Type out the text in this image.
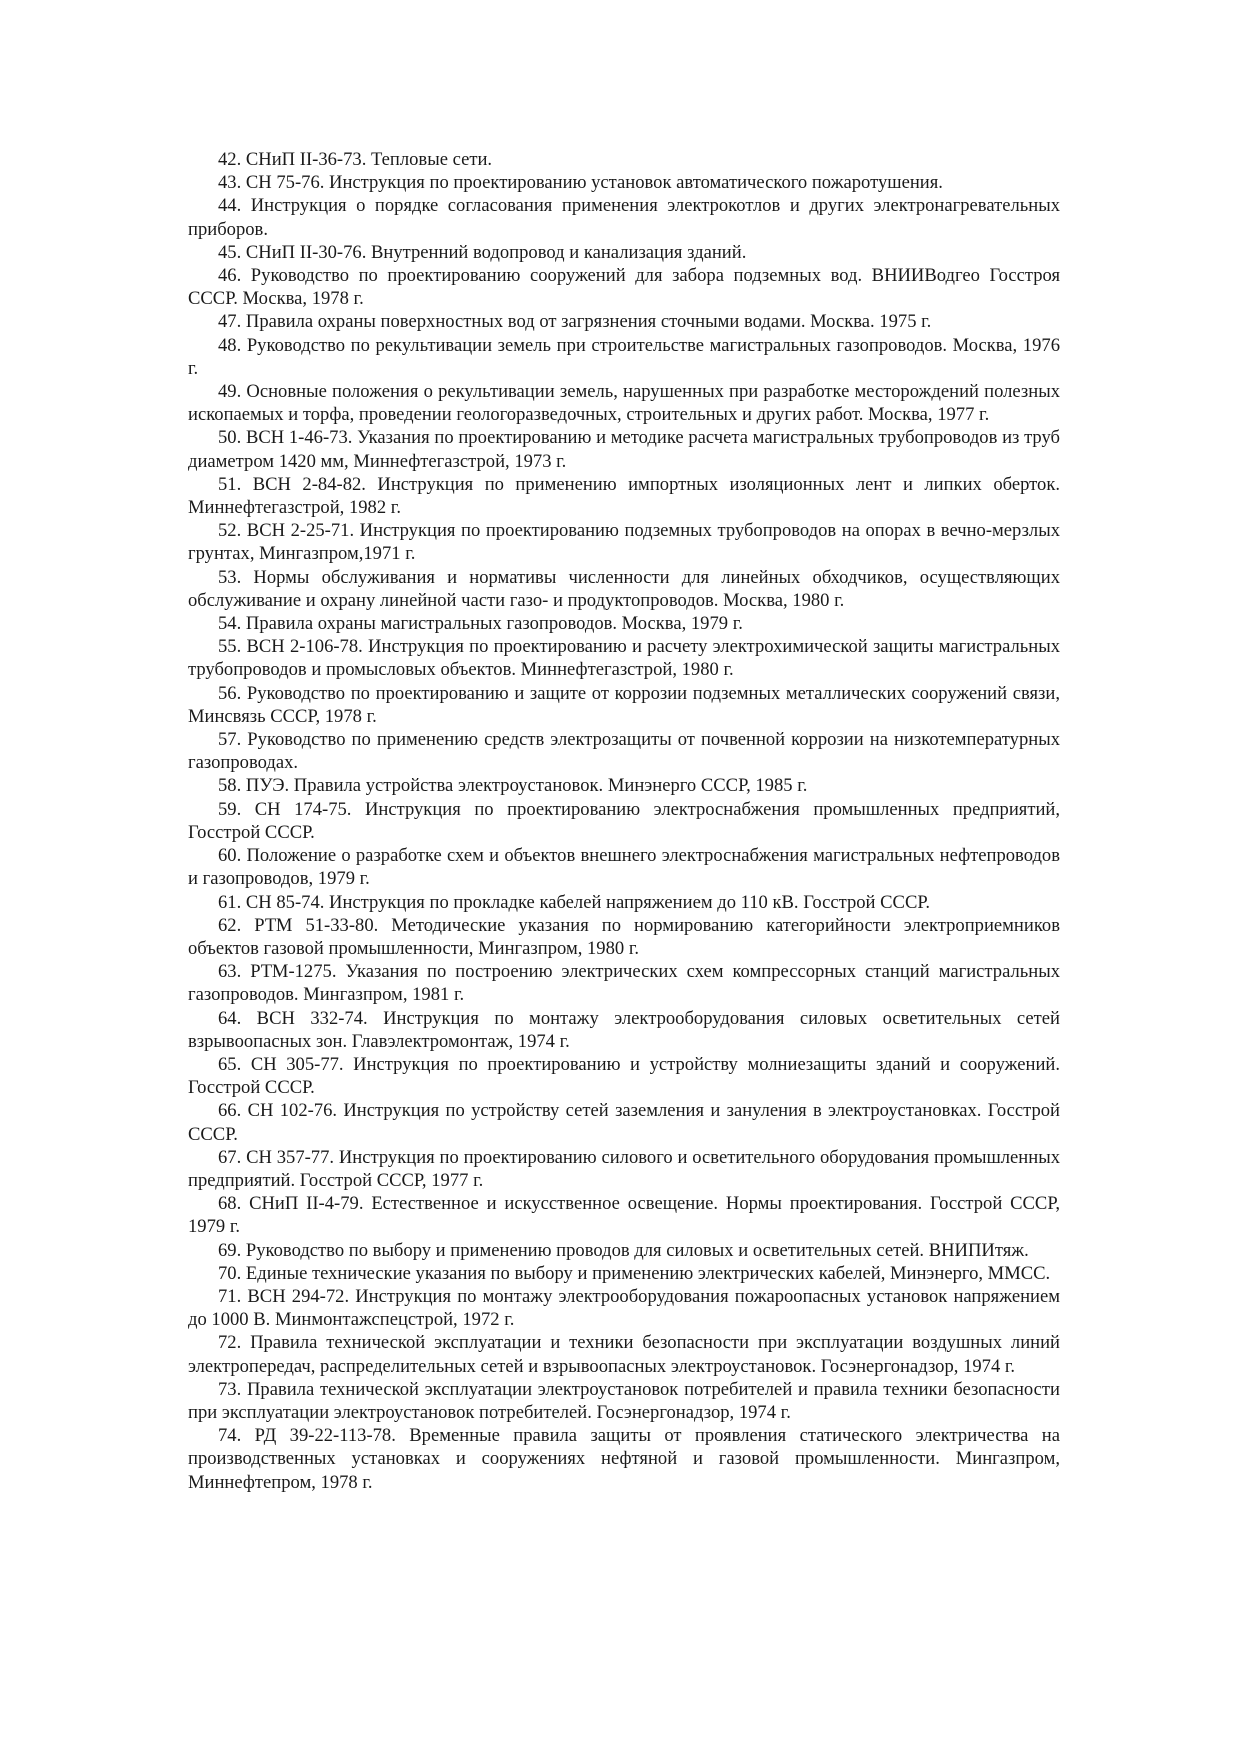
42. СНиП II-36-73. Тепловые сети.

43. СН 75-76. Инструкция по проектированию установок автоматического пожаротушения.

44. Инструкция о порядке согласования применения электрокотлов и других электронагревательных приборов.

45. СНиП II-30-76. Внутренний водопровод и канализация зданий.

46. Руководство по проектированию сооружений для забора подземных вод. ВНИИВодгео Госстроя СССР. Москва, 1978 г.

47. Правила охраны поверхностных вод от загрязнения сточными водами. Москва. 1975 г.

48. Руководство по рекультивации земель при строительстве магистральных газопроводов. Москва, 1976 г.

49. Основные положения о рекультивации земель, нарушенных при разработке месторождений полезных ископаемых и торфа, проведении геологоразведочных, строительных и других работ. Москва, 1977 г.

50. ВСН 1-46-73. Указания по проектированию и методике расчета магистральных трубопроводов из труб диаметром 1420 мм, Миннефтегазстрой, 1973 г.

51. ВСН 2-84-82. Инструкция по применению импортных изоляционных лент и липких оберток. Миннефтегазстрой, 1982 г.

52. ВСН 2-25-71. Инструкция по проектированию подземных трубопроводов на опорах в вечно-мерзлых грунтах, Мингазпром,1971 г.

53. Нормы обслуживания и нормативы численности для линейных обходчиков, осуществляющих обслуживание и охрану линейной части газо- и продуктопроводов. Москва, 1980 г.

54. Правила охраны магистральных газопроводов. Москва, 1979 г.

55. ВСН 2-106-78. Инструкция по проектированию и расчету электрохимической защиты магистральных трубопроводов и промысловых объектов. Миннефтегазстрой, 1980 г.

56. Руководство по проектированию и защите от коррозии подземных металлических сооружений связи, Минсвязь СССР, 1978 г.

57. Руководство по применению средств электрозащиты от почвенной коррозии на низкотемпературных газопроводах.

58. ПУЭ. Правила устройства электроустановок. Минэнерго СССР, 1985 г.

59. СН 174-75. Инструкция по проектированию электроснабжения промышленных предприятий, Госстрой СССР.

60. Положение о разработке схем и объектов внешнего электроснабжения магистральных нефтепроводов и газопроводов, 1979 г.

61. СН 85-74. Инструкция по прокладке кабелей напряжением до 110 кВ. Госстрой СССР.

62. РТМ 51-33-80. Методические указания по нормированию категорийности электроприемников объектов газовой промышленности, Мингазпром, 1980 г.

63. РТМ-1275. Указания по построению электрических схем компрессорных станций магистральных газопроводов. Мингазпром, 1981 г.

64. ВСН 332-74. Инструкция по монтажу электрооборудования силовых осветительных сетей взрывоопасных зон. Главэлектромонтаж, 1974 г.

65. СН 305-77. Инструкция по проектированию и устройству молниезащиты зданий и сооружений. Госстрой СССР.

66. СН 102-76. Инструкция по устройству сетей заземления и зануления в электроустановках. Госстрой СССР.

67. СН 357-77. Инструкция по проектированию силового и осветительного оборудования промышленных предприятий. Госстрой СССР, 1977 г.

68. СНиП II-4-79. Естественное и искусственное освещение. Нормы проектирования. Госстрой СССР, 1979 г.

69. Руководство по выбору и применению проводов для силовых и осветительных сетей. ВНИПИтяж.

70. Единые технические указания по выбору и применению электрических кабелей, Минэнерго, ММСС.

71. ВСН 294-72. Инструкция по монтажу электрооборудования пожароопасных установок напряжением до 1000 В. Минмонтажспецстрой, 1972 г.

72. Правила технической эксплуатации и техники безопасности при эксплуатации воздушных линий электропередач, распределительных сетей и взрывоопасных электроустановок. Госэнергонадзор, 1974 г.

73. Правила технической эксплуатации электроустановок потребителей и правила техники безопасности при эксплуатации электроустановок потребителей. Госэнергонадзор, 1974 г.

74. РД 39-22-113-78. Временные правила защиты от проявления статического электричества на производственных установках и сооружениях нефтяной и газовой промышленности. Мингазпром, Миннефтепром, 1978 г.
